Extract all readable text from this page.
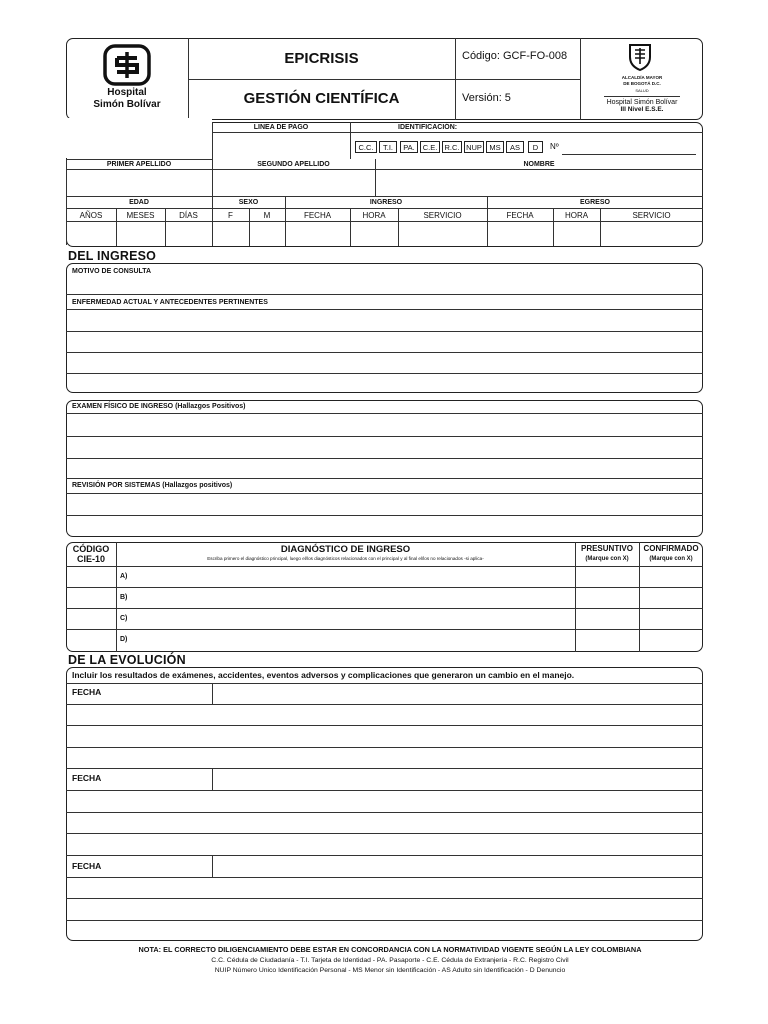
Hospital
Simón Bolívar
EPICRISIS
GESTIÓN CIENTÍFICA
Código: GCF-FO-008
Versión: 5
ALCALDÍA MAYOR
DE BOGOTÁ D.C.
SALUD
Hospital Simón Bolívar
III Nivel E.S.E.
LINEA DE PAGO	IDENTIFICACIÓN:
C.C.	T.I.	PA.	C.E. R.C. NUP MS	AS	D	Nº
PRIMER APELLIDO	SEGUNDO APELLIDO	NOMBRE
EDAD	SEXO	INGRESO	EGRESO
AÑOS	MESES	DÍAS	F	M	FECHA	HORA	SERVICIO	FECHA	HORA	SERVICIO
DEL INGRESO
MOTIVO DE CONSULTA
ENFERMEDAD ACTUAL Y ANTECEDENTES PERTINENTES
EXAMEN FÍSICO DE INGRESO (Hallazgos Positivos)
REVISIÓN POR SISTEMAS (Hallazgos positivos)
CÓDIGO
CIE-10
DIAGNÓSTICO DE INGRESO
Escriba primero el diagnóstico principal, luego el/los diagnósticos relacionados con el principal y al final el/los no relacionados -si aplica-
PRESUNTIVO
(Marque con X)
CONFIRMADO
(Marque con X)
A)
B)
C)
D)
DE LA EVOLUCIÓN
Incluir los resultados de exámenes, accidentes, eventos adversos y complicaciones que generaron un cambio en el manejo.
FECHA
FECHA
FECHA
NOTA: EL CORRECTO DILIGENCIAMIENTO DEBE ESTAR EN CONCORDANCIA CON LA NORMATIVIDAD VIGENTE SEGÚN LA LEY COLOMBIANA
C.C. Cédula de Ciudadanía - T.I. Tarjeta de Identidad - PA. Pasaporte - C.E. Cédula de Extranjería - R.C. Registro Civil
NUIP Número Unico Identificación Personal - MS Menor sin Identificación - AS Adulto sin Identificación - D Denuncio
